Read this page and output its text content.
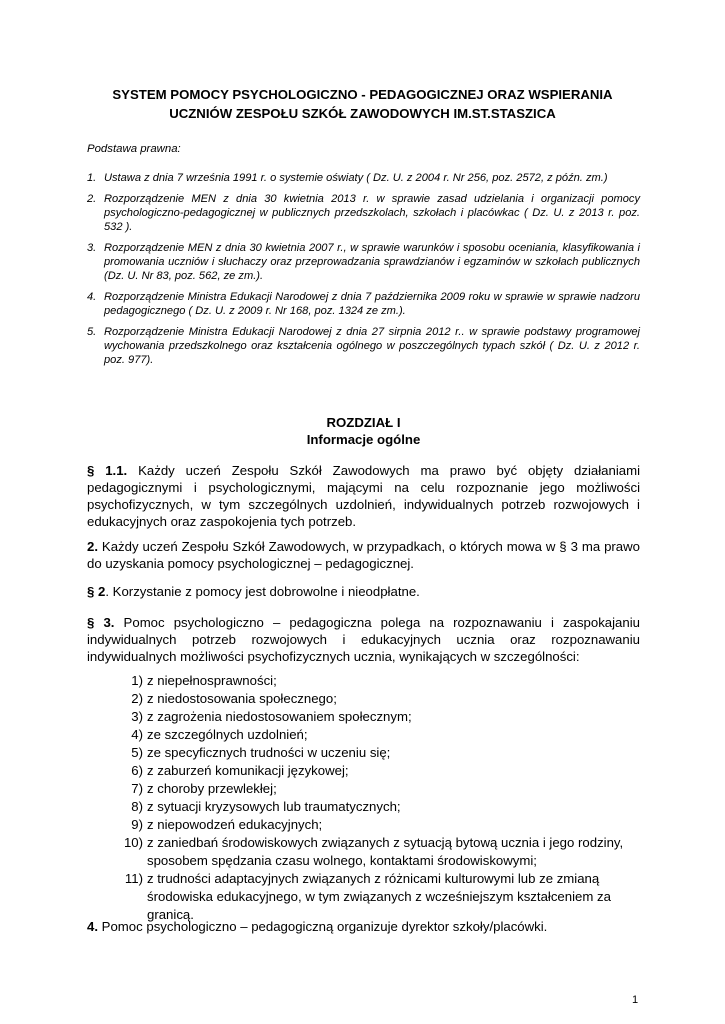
SYSTEM POMOCY PSYCHOLOGICZNO - PEDAGOGICZNEJ ORAZ WSPIERANIA
UCZNIÓW ZESPOŁU SZKÓŁ ZAWODOWYCH IM.ST.STASZICA
Podstawa prawna:
1. Ustawa z dnia 7 września 1991 r. o systemie oświaty ( Dz. U. z 2004 r. Nr 256, poz. 2572, z późn. zm.)
2. Rozporządzenie MEN z dnia 30 kwietnia 2013 r. w sprawie zasad udzielania i organizacji pomocy psychologiczno-pedagogicznej w publicznych przedszkolach, szkołach i placówkac ( Dz. U. z 2013 r. poz. 532 ).
3. Rozporządzenie MEN z dnia 30 kwietnia 2007 r., w sprawie warunków i sposobu oceniania, klasyfikowania i promowania uczniów i słuchaczy oraz przeprowadzania sprawdzianów i egzaminów w szkołach publicznych (Dz. U. Nr 83, poz. 562, ze zm.).
4. Rozporządzenie Ministra Edukacji Narodowej z dnia 7 października 2009 roku w sprawie w sprawie nadzoru pedagogicznego ( Dz. U. z 2009 r. Nr 168, poz. 1324 ze zm.).
5. Rozporządzenie Ministra Edukacji Narodowej z dnia 27 sirpnia 2012 r.. w sprawie podstawy programowej wychowania przedszkolnego oraz kształcenia ogólnego w poszczególnych typach szkół ( Dz. U. z 2012 r. poz. 977).
ROZDZIAŁ I
Informacje ogólne
§ 1.1. Każdy uczeń Zespołu Szkół Zawodowych ma prawo być objęty działaniami pedagogicznymi i psychologicznymi, mającymi na celu rozpoznanie jego możliwości psychofizycznych, w tym szczególnych uzdolnień, indywidualnych potrzeb rozwojowych i edukacyjnych oraz zaspokojenia tych potrzeb.
2. Każdy uczeń Zespołu Szkół Zawodowych, w przypadkach, o których mowa w § 3 ma prawo do uzyskania pomocy psychologicznej – pedagogicznej.
§ 2. Korzystanie z pomocy jest dobrowolne i nieodpłatne.
§ 3. Pomoc psychologiczno – pedagogiczna polega na rozpoznawaniu i zaspokajaniu indywidualnych potrzeb rozwojowych i edukacyjnych ucznia oraz rozpoznawaniu indywidualnych możliwości psychofizycznych ucznia, wynikających w szczególności:
1) z niepełnosprawności;
2) z niedostosowania społecznego;
3) z zagrożenia niedostosowaniem społecznym;
4) ze szczególnych uzdolnień;
5) ze specyficznych trudności w uczeniu się;
6) z zaburzeń komunikacji językowej;
7) z choroby przewlekłej;
8) z sytuacji kryzysowych lub traumatycznych;
9) z niepowodzeń edukacyjnych;
10) z zaniedbań środowiskowych związanych z sytuacją bytową ucznia i jego rodziny, sposobem spędzania czasu wolnego, kontaktami środowiskowymi;
11) z trudności adaptacyjnych związanych z różnicami kulturowymi lub ze zmianą środowiska edukacyjnego, w tym związanych z wcześniejszym kształceniem za granicą.
4. Pomoc psychologiczno – pedagogiczną organizuje dyrektor szkoły/placówki.
1
